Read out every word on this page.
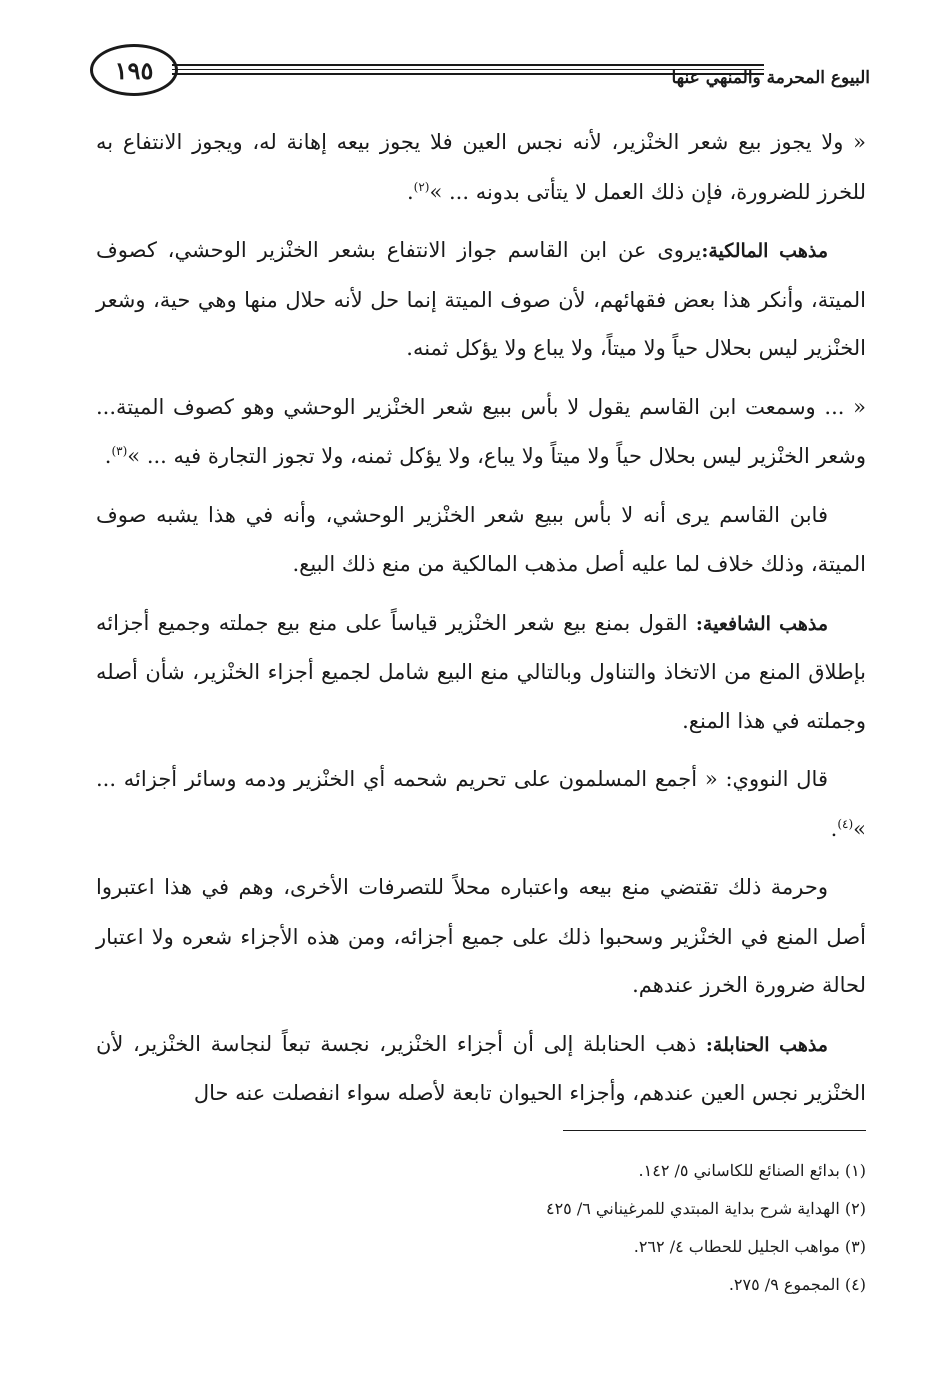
١٩٥	البيوع المحرمة والمنهي عنها

« ولا يجوز بيع شعر الخنْزير، لأنه نجس العين فلا يجوز بيعه إهانة له، ويجوز الانتفاع به للخرز للضرورة، فإن ذلك العمل لا يتأتى بدونه ... »$^{(٢)}$.

مذهب المالكية:يروى عن ابن القاسم جواز الانتفاع بشعر الخنْزير الوحشي، كصوف الميتة، وأنكر هذا بعض فقهائهم، لأن صوف الميتة إنما حل لأنه حلال منها وهي حية، وشعر الخنْزير ليس بحلال حياً ولا ميتاً، ولا يباع ولا يؤكل ثمنه.

« ... وسمعت ابن القاسم يقول لا بأس ببيع شعر الخنْزير الوحشي وهو كصوف الميتة... وشعر الخنْزير ليس بحلال حياً ولا ميتاً ولا يباع، ولا يؤكل ثمنه، ولا تجوز التجارة فيه ... »$^{(٣)}$.

فابن القاسم يرى أنه لا بأس ببيع شعر الخنْزير الوحشي، وأنه في هذا يشبه صوف الميتة، وذلك خلاف لما عليه أصل مذهب المالكية من منع ذلك البيع.

مذهب الشافعية: القول بمنع بيع شعر الخنْزير قياساً على منع بيع جملته وجميع أجزائه بإطلاق المنع من الاتخاذ والتناول وبالتالي منع البيع شامل لجميع أجزاء الخنْزير، شأن أصله وجملته في هذا المنع.

قال النووي: « أجمع المسلمون على تحريم شحمه أي الخنْزير ودمه وسائر أجزائه ... »$^{(٤)}$.

وحرمة ذلك تقتضي منع بيعه واعتباره محلاً للتصرفات الأخرى، وهم في هذا اعتبروا أصل المنع في الخنْزير وسحبوا ذلك على جميع أجزائه، ومن هذه الأجزاء شعره ولا اعتبار لحالة ضرورة الخرز عندهم.

مذهب الحنابلة: ذهب الحنابلة إلى أن أجزاء الخنْزير، نجسة تبعاً لنجاسة الخنْزير، لأن الخنْزير نجس العين عندهم، وأجزاء الحيوان تابعة لأصله سواء انفصلت عنه حال

(١) بدائع الصنائع للكاساني ٥/ ١٤٢.

(٢) الهداية شرح بداية المبتدي للمرغيناني ٦/ ٤٢٥

(٣) مواهب الجليل للحطاب ٤/ ٢٦٢.

(٤) المجموع ٩/ ٢٧٥.
